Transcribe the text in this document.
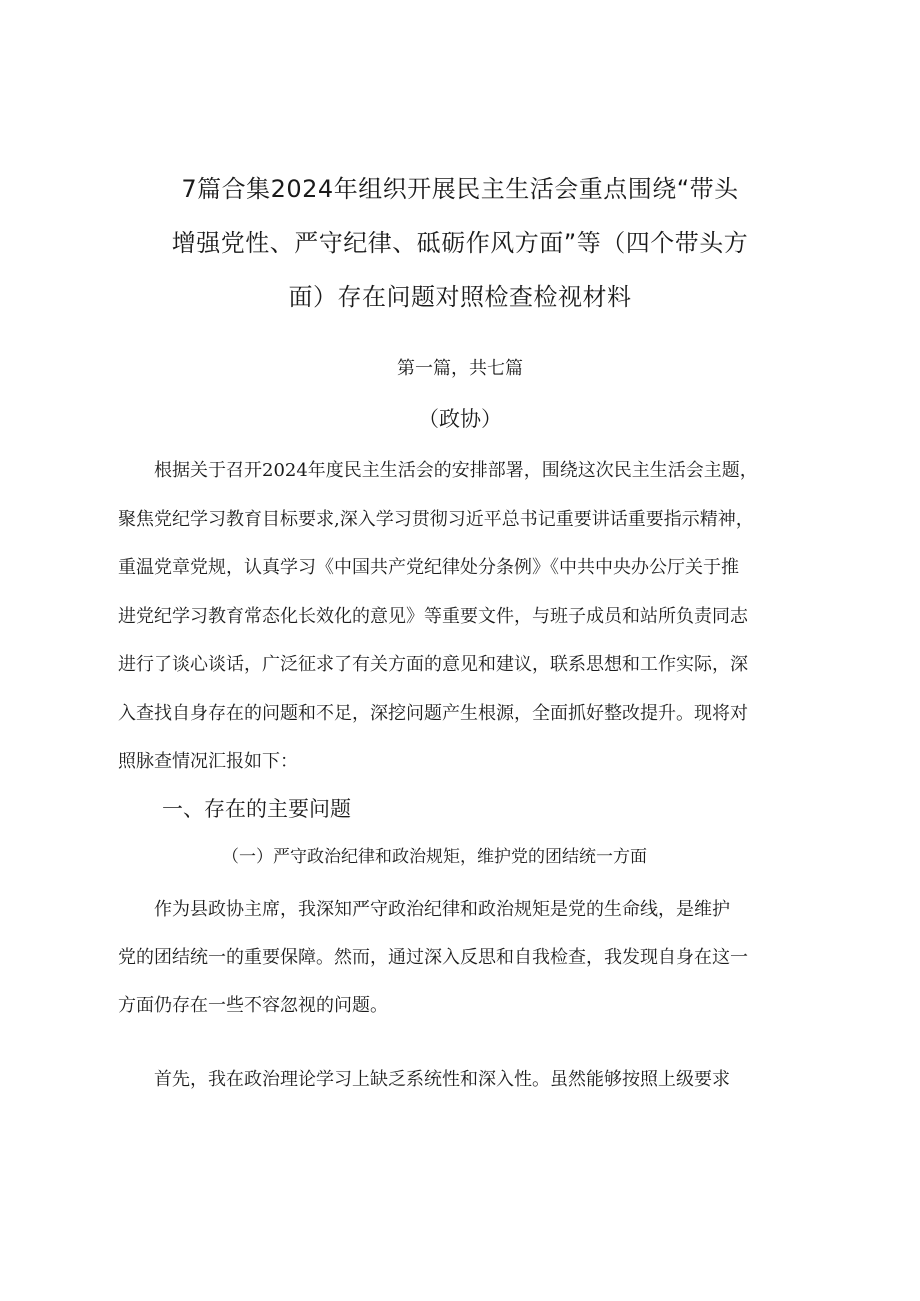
7篇合集2024年组织开展民主生活会重点围绕“带头
增强党性、严守纪律、砥砺作风方面”等（四个带头方
面）存在问题对照检查检视材料
第一篇，共七篇
（政协）
　　根据关于召开2024年度民主生活会的安排部署，围绕这次民主生活会主题，
聚焦党纪学习教育目标要求,深入学习贯彻习近平总书记重要讲话重要指示精神，
重温党章党规，认真学习《中国共产党纪律处分条例》《中共中央办公厅关于推
进党纪学习教育常态化长效化的意见》等重要文件，与班子成员和站所负责同志
进行了谈心谈话，广泛征求了有关方面的意见和建议，联系思想和工作实际，深
入查找自身存在的问题和不足，深挖问题产生根源，全面抓好整改提升。现将对
照脉查情况汇报如下：
一、存在的主要问题
（一）严守政治纪律和政治规矩，维护党的团结统一方面
　　作为县政协主席，我深知严守政治纪律和政治规矩是党的生命线，是维护
党的团结统一的重要保障。然而，通过深入反思和自我检查，我发现自身在这一
方面仍存在一些不容忽视的问题。
　　首先，我在政治理论学习上缺乏系统性和深入性。虽然能够按照上级要求
